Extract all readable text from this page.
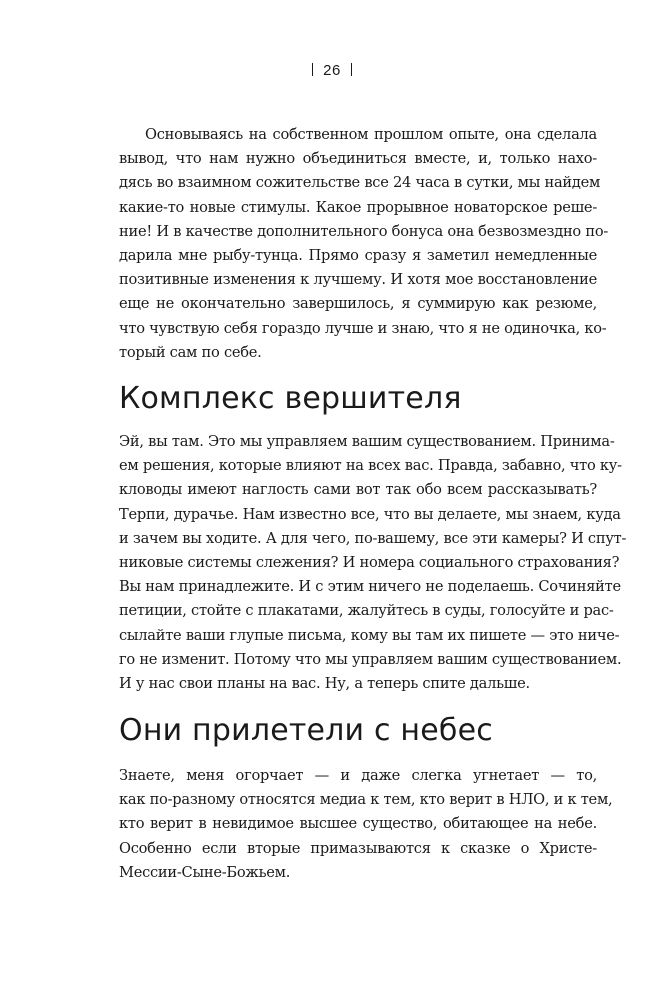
26
Основываясь на собственном прошлом опыте, она сделала
вывод, что нам нужно объединиться вместе, и, только нахо-
дясь во взаимном сожительстве все 24 часа в сутки, мы найдем
какие-то новые стимулы. Какое прорывное новаторское реше-
ние! И в качестве дополнительного бонуса она безвозмездно по-
дарила мне рыбу-тунца. Прямо сразу я заметил немедленные
позитивные изменения к лучшему. И хотя мое восстановление
еще не окончательно завершилось, я суммирую как резюме,
что чувствую себя гораздо лучше и знаю, что я не одиночка, ко-
торый сам по себе.
Комплекс вершителя
Эй, вы там. Это мы управляем вашим существованием. Принима-
ем решения, которые влияют на всех вас. Правда, забавно, что ку-
кловоды имеют наглость сами вот так обо всем рассказывать?
Терпи, дурачье. Нам известно все, что вы делаете, мы знаем, куда
и зачем вы ходите. А для чего, по-вашему, все эти камеры? И спут-
никовые системы слежения? И номера социального страхования?
Вы нам принадлежите. И с этим ничего не поделаешь. Сочиняйте
петиции, стойте с плакатами, жалуйтесь в суды, голосуйте и рас-
сылайте ваши глупые письма, кому вы там их пишете — это ниче-
го не изменит. Потому что мы управляем вашим существованием.
И у нас свои планы на вас. Ну, а теперь спите дальше.
Они прилетели с небес
Знаете, меня огорчает — и даже слегка угнетает — то,
как по-разному относятся медиа к тем, кто верит в НЛО, и к тем,
кто верит в невидимое высшее существо, обитающее на небе.
Особенно если вторые примазываются к сказке о Христе-
Мессии-Сыне-Божьем.
